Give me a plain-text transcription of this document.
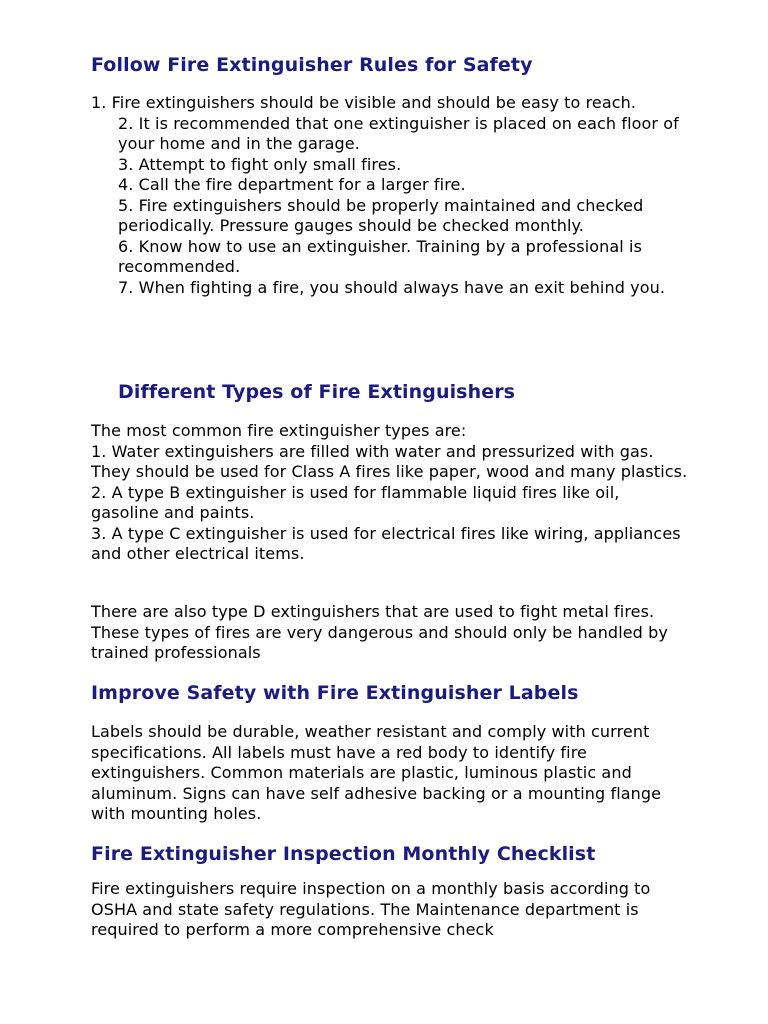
Follow Fire Extinguisher Rules for Safety

1. Fire extinguishers should be visible and should be easy to reach.

2. It is recommended that one extinguisher is placed on each floor of your home and in the garage.

3. Attempt to fight only small fires.

4. Call the fire department for a larger fire.

5. Fire extinguishers should be properly maintained and checked periodically. Pressure gauges should be checked monthly.

6. Know how to use an extinguisher. Training by a professional is recommended.

7. When fighting a fire, you should always have an exit behind you.

Different Types of Fire Extinguishers

The most common fire extinguisher types are:

1. Water extinguishers are filled with water and pressurized with gas. They should be used for Class A fires like paper, wood and many plastics.

2. A type B extinguisher is used for flammable liquid fires like oil, gasoline and paints.

3. A type C extinguisher is used for electrical fires like wiring, appliances and other electrical items.

There are also type D extinguishers that are used to fight metal fires. These types of fires are very dangerous and should only be handled by trained professionals
Improve Safety with Fire Extinguisher Labels
Labels should be durable, weather resistant and comply with current specifications. All labels must have a red body to identify fire extinguishers. Common materials are plastic, luminous plastic and aluminum. Signs can have self adhesive backing or a mounting flange with mounting holes.
Fire Extinguisher Inspection Monthly Checklist
Fire extinguishers require inspection on a monthly basis according to OSHA and state safety regulations. The Maintenance department is required to perform a more comprehensive check
